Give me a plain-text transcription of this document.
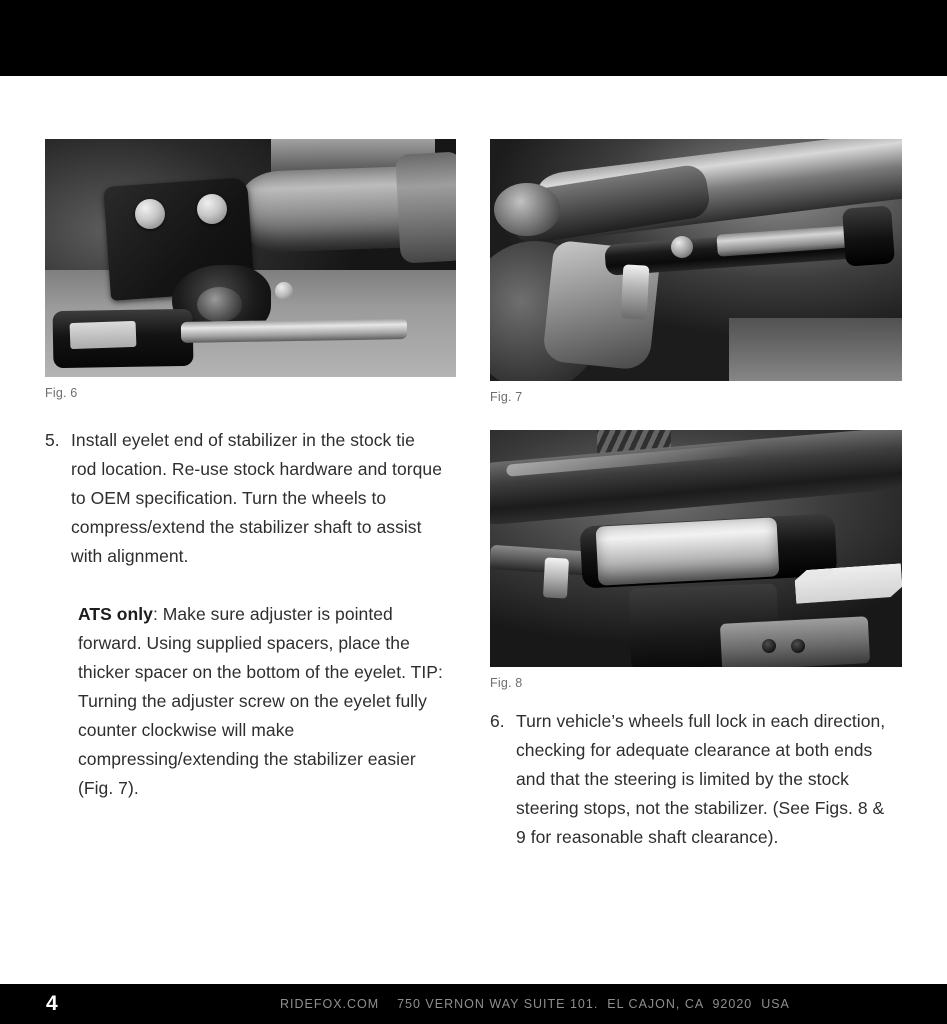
Fig. 6	Fig. 7
Fig. 8
5. Install eyelet end of stabilizer in the stock tie rod location. Re-use stock hardware and torque to OEM specification. Turn the wheels to compress/extend the stabilizer shaft to assist with alignment.
ATS only: Make sure adjuster is pointed forward. Using supplied spacers, place the thicker spacer on the bottom of the eyelet. TIP: Turning the adjuster screw on the eyelet fully counter clockwise will make compressing/extending the stabilizer easier (Fig. 7).
6. Turn vehicle’s wheels full lock in each direction, checking for adequate clearance at both ends and that the steering is limited by the stock steering stops, not the stabilizer. (See Figs. 8 & 9 for reasonable shaft clearance).
4	RIDEFOX.COM    750 VERNON WAY SUITE 101.  EL CAJON, CA  92020  USA
